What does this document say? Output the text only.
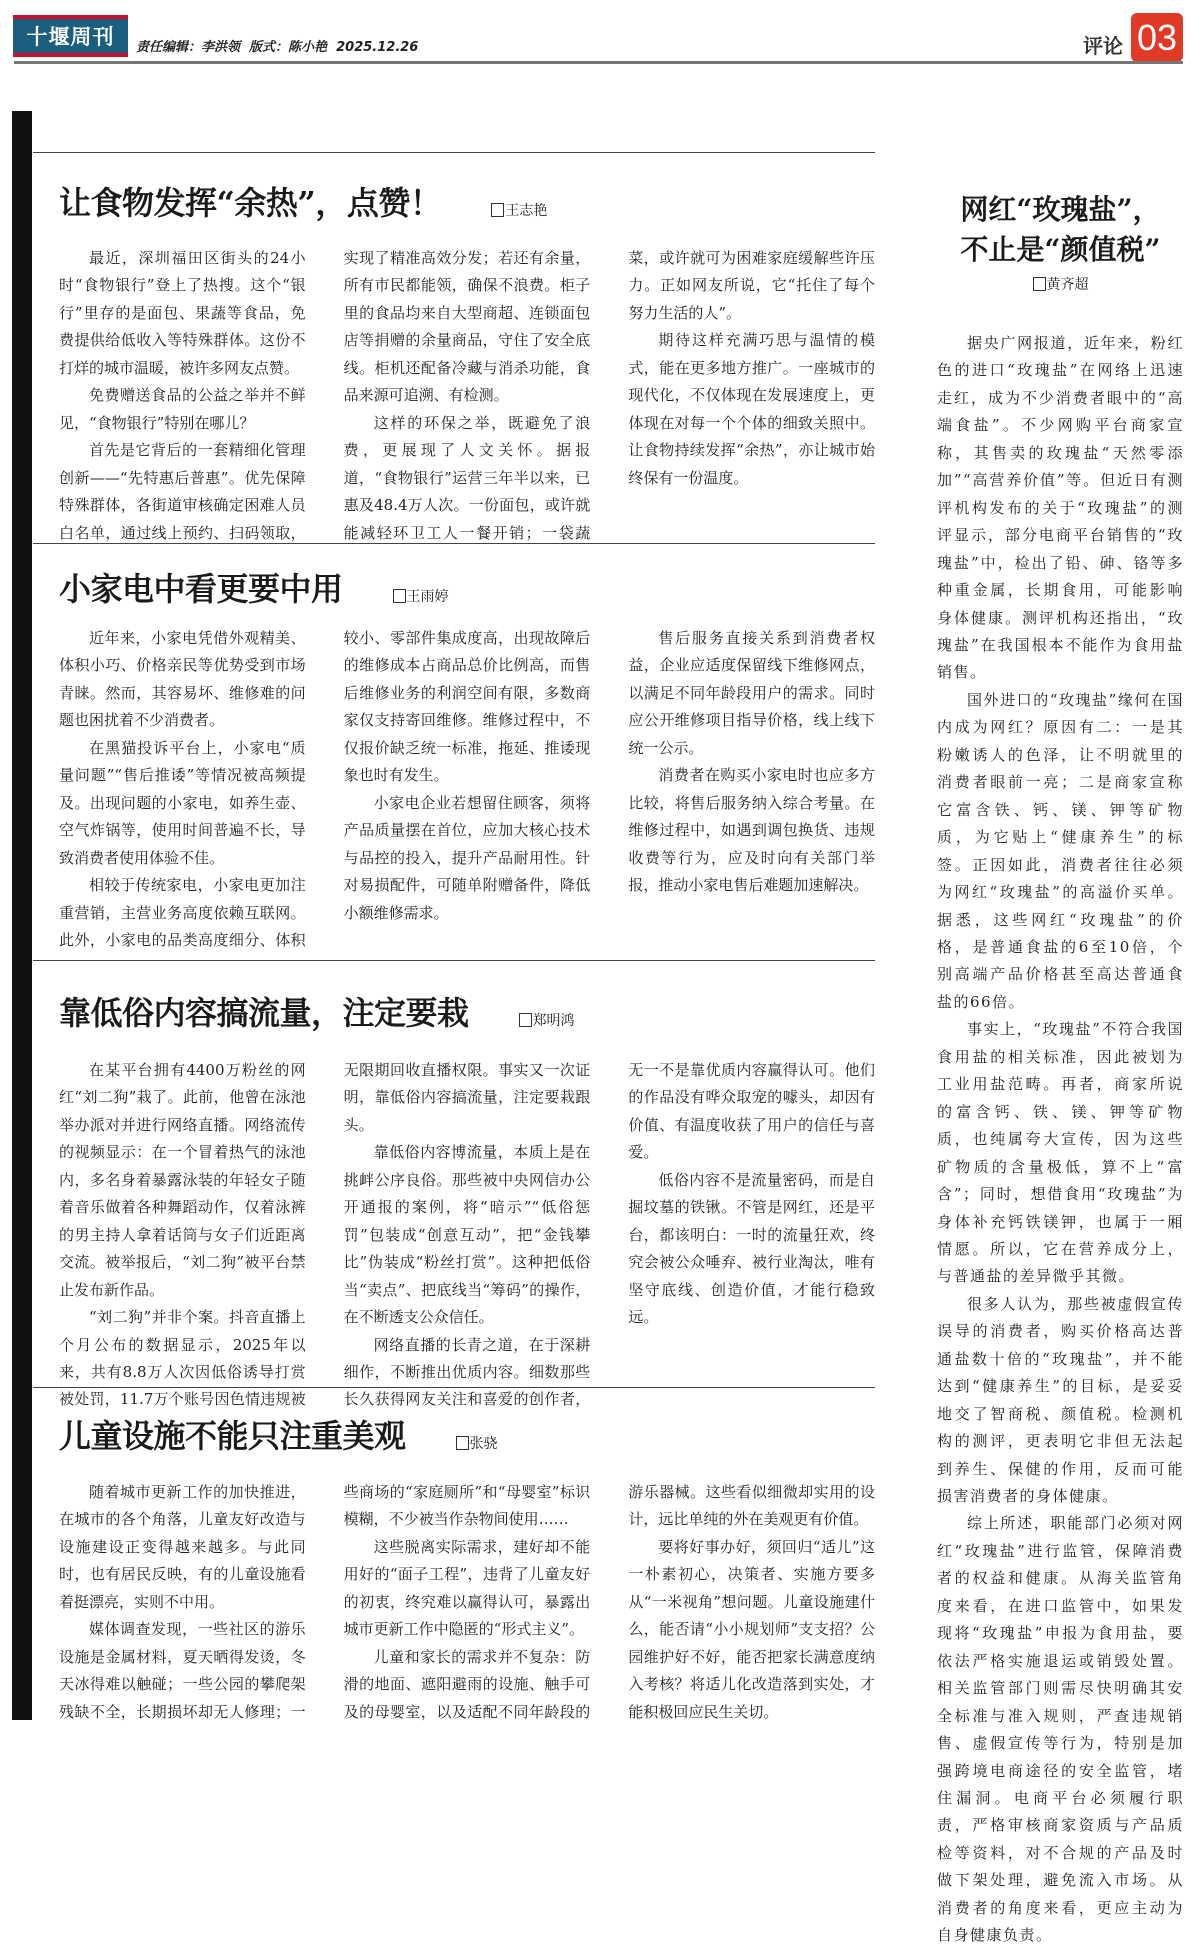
十堰周刊 责任编辑：李洪领  版式：陈小艳  2025.12.26	评论 03
让食物发挥“余热”，点赞！	王志艳

最近，深圳福田区街头的24小时“食物银行”登上了热搜。这个“银行”里存的是面包、果蔬等食品，免费提供给低收入等特殊群体。这份不打烊的城市温暖，被许多网友点赞。

免费赠送食品的公益之举并不鲜见，“食物银行”特别在哪儿？

首先是它背后的一套精细化管理创新——“先特惠后普惠”。优先保障特殊群体，各街道审核确定困难人员白名单，通过线上预约、扫码领取，实现了精准高效分发；若还有余量，所有市民都能领，确保不浪费。柜子里的食品均来自大型商超、连锁面包店等捐赠的余量商品，守住了安全底线。柜机还配备冷藏与消杀功能，食品来源可追溯、有检测。

这样的环保之举，既避免了浪费，更展现了人文关怀。据报道，“食物银行”运营三年半以来，已惠及48.4万人次。一份面包，或许就能减轻环卫工人一餐开销；一袋蔬菜，或许就可为困难家庭缓解些许压力。正如网友所说，它“托住了每个努力生活的人”。

期待这样充满巧思与温情的模式，能在更多地方推广。一座城市的现代化，不仅体现在发展速度上，更体现在对每一个个体的细致关照中。让食物持续发挥“余热”，亦让城市始终保有一份温度。

小家电中看更要中用	王雨婷

近年来，小家电凭借外观精美、体积小巧、价格亲民等优势受到市场青睐。然而，其容易坏、维修难的问题也困扰着不少消费者。

在黑猫投诉平台上，小家电“质量问题”“售后推诿”等情况被高频提及。出现问题的小家电，如养生壶、空气炸锅等，使用时间普遍不长，导致消费者使用体验不佳。

相较于传统家电，小家电更加注重营销，主营业务高度依赖互联网。此外，小家电的品类高度细分、体积较小、零部件集成度高，出现故障后的维修成本占商品总价比例高，而售后维修业务的利润空间有限，多数商家仅支持寄回维修。维修过程中，不仅报价缺乏统一标准，拖延、推诿现象也时有发生。

小家电企业若想留住顾客，须将产品质量摆在首位，应加大核心技术与品控的投入，提升产品耐用性。针对易损配件，可随单附赠备件，降低小额维修需求。

售后服务直接关系到消费者权益，企业应适度保留线下维修网点，以满足不同年龄段用户的需求。同时应公开维修项目指导价格，线上线下统一公示。

消费者在购买小家电时也应多方比较，将售后服务纳入综合考量。在维修过程中，如遇到调包换货、违规收费等行为，应及时向有关部门举报，推动小家电售后难题加速解决。

靠低俗内容搞流量，注定要栽	郑明鸿

在某平台拥有4400万粉丝的网红“刘二狗”栽了。此前，他曾在泳池举办派对并进行网络直播。网络流传的视频显示：在一个冒着热气的泳池内，多名身着暴露泳装的年轻女子随着音乐做着各种舞蹈动作，仅着泳裤的男主持人拿着话筒与女子们近距离交流。被举报后，“刘二狗”被平台禁止发布新作品。

“刘二狗”并非个案。抖音直播上个月公布的数据显示，2025年以来，共有8.8万人次因低俗诱导打赏被处罚，11.7万个账号因色情违规被无限期回收直播权限。事实又一次证明，靠低俗内容搞流量，注定要栽跟头。

靠低俗内容博流量，本质上是在挑衅公序良俗。那些被中央网信办公开通报的案例，将“暗示”“低俗惩罚”包装成“创意互动”，把“金钱攀比”伪装成“粉丝打赏”。这种把低俗当“卖点”、把底线当“筹码”的操作，在不断透支公众信任。

网络直播的长青之道，在于深耕细作，不断推出优质内容。细数那些长久获得网友关注和喜爱的创作者，无一不是靠优质内容赢得认可。他们的作品没有哗众取宠的噱头，却因有价值、有温度收获了用户的信任与喜爱。

低俗内容不是流量密码，而是自掘坟墓的铁锹。不管是网红，还是平台，都该明白：一时的流量狂欢，终究会被公众唾弃、被行业淘汰，唯有坚守底线、创造价值，才能行稳致远。

儿童设施不能只注重美观	张骁

随着城市更新工作的加快推进，在城市的各个角落，儿童友好改造与设施建设正变得越来越多。与此同时，也有居民反映，有的儿童设施看着挺漂亮，实则不中用。

媒体调查发现，一些社区的游乐设施是金属材料，夏天晒得发烫，冬天冰得难以触碰；一些公园的攀爬架残缺不全，长期损坏却无人修理；一些商场的“家庭厕所”和“母婴室”标识模糊，不少被当作杂物间使用……

这些脱离实际需求，建好却不能用好的“面子工程”，违背了儿童友好的初衷，终究难以赢得认可，暴露出城市更新工作中隐匿的“形式主义”。

儿童和家长的需求并不复杂：防滑的地面、遮阳避雨的设施、触手可及的母婴室，以及适配不同年龄段的游乐器械。这些看似细微却实用的设计，远比单纯的外在美观更有价值。

要将好事办好，须回归“适儿”这一朴素初心，决策者、实施方要多从“一米视角”想问题。儿童设施建什么，能否请“小小规划师”支支招？公园维护好不好，能否把家长满意度纳入考核？将适儿化改造落到实处，才能积极回应民生关切。

网红“玫瑰盐”，
不止是“颜值税”
黄齐超

据央广网报道，近年来，粉红色的进口“玫瑰盐”在网络上迅速走红，成为不少消费者眼中的“高端食盐”。不少网购平台商家宣称，其售卖的玫瑰盐“天然零添加”“高营养价值”等。但近日有测评机构发布的关于“玫瑰盐”的测评显示，部分电商平台销售的“玫瑰盐”中，检出了铅、砷、铬等多种重金属，长期食用，可能影响身体健康。测评机构还指出，“玫瑰盐”在我国根本不能作为食用盐销售。

国外进口的“玫瑰盐”缘何在国内成为网红？原因有二：一是其粉嫩诱人的色泽，让不明就里的消费者眼前一亮；二是商家宣称它富含铁、钙、镁、钾等矿物质，为它贴上“健康养生”的标签。正因如此，消费者往往必须为网红“玫瑰盐”的高溢价买单。据悉，这些网红“玫瑰盐”的价格，是普通食盐的6至10倍，个别高端产品价格甚至高达普通食盐的66倍。

事实上，“玫瑰盐”不符合我国食用盐的相关标准，因此被划为工业用盐范畴。再者，商家所说的富含钙、铁、镁、钾等矿物质，也纯属夸大宣传，因为这些矿物质的含量极低，算不上“富含”；同时，想借食用“玫瑰盐”为身体补充钙铁镁钾，也属于一厢情愿。所以，它在营养成分上，与普通盐的差异微乎其微。

很多人认为，那些被虚假宣传误导的消费者，购买价格高达普通盐数十倍的“玫瑰盐”，并不能达到“健康养生”的目标，是妥妥地交了智商税、颜值税。检测机构的测评，更表明它非但无法起到养生、保健的作用，反而可能损害消费者的身体健康。

综上所述，职能部门必须对网红“玫瑰盐”进行监管，保障消费者的权益和健康。从海关监管角度来看，在进口监管中，如果发现将“玫瑰盐”申报为食用盐，要依法严格实施退运或销毁处置。相关监管部门则需尽快明确其安全标准与准入规则，严查违规销售、虚假宣传等行为，特别是加强跨境电商途径的安全监管，堵住漏洞。电商平台必须履行职责，严格审核商家资质与产品质检等资料，对不合规的产品及时做下架处理，避免流入市场。从消费者的角度来看，更应主动为自身健康负责。
